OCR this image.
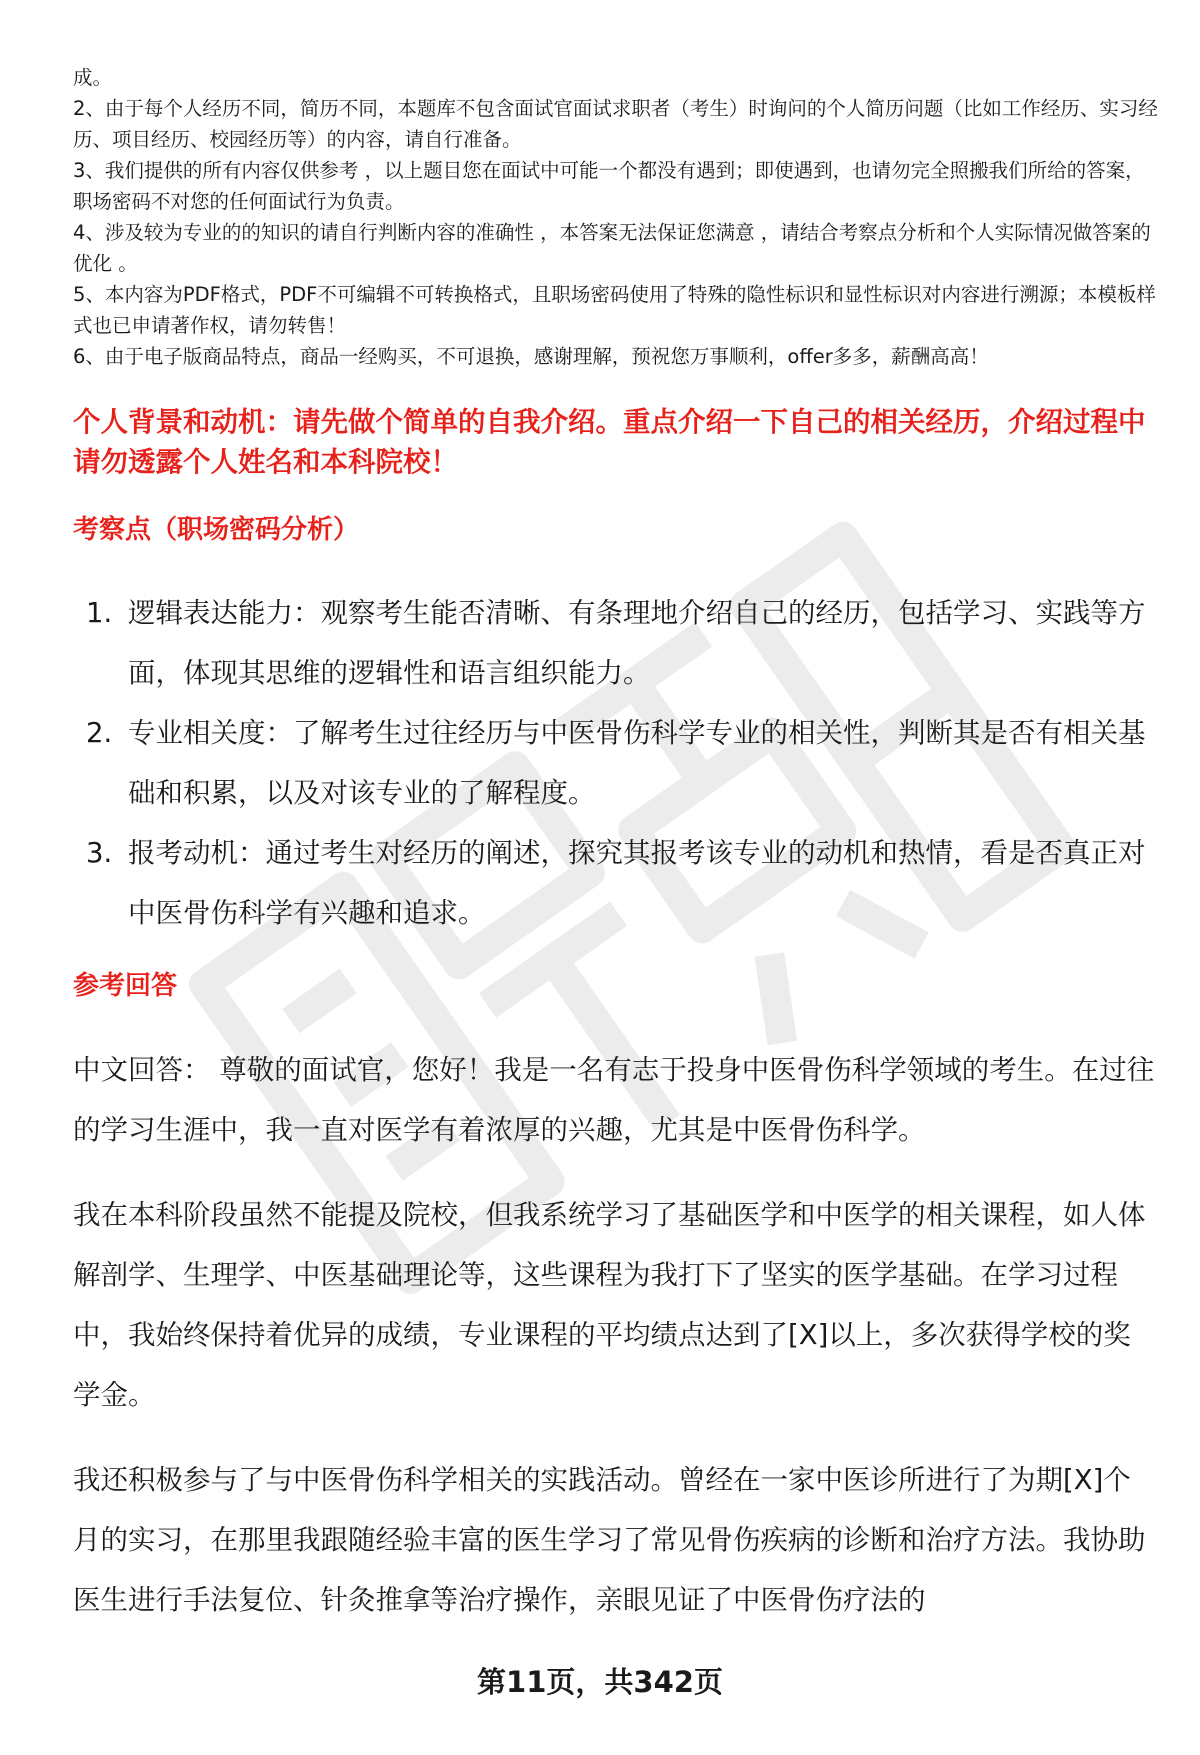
成。

2、由于每个人经历不同，简历不同，本题库不包含面试官面试求职者（考生）时询问的个人简历问题（比如工作经历、实习经历、项目经历、校园经历等）的内容，请自行准备。

3、我们提供的所有内容仅供参考 ，以上题目您在面试中可能一个都没有遇到；即使遇到，也请勿完全照搬我们所给的答案，职场密码不对您的任何面试行为负责。

4、涉及较为专业的的知识的请自行判断内容的准确性 ，本答案无法保证您满意 ，请结合考察点分析和个人实际情况做答案的优化 。

5、本内容为PDF格式，PDF不可编辑不可转换格式，且职场密码使用了特殊的隐性标识和显性标识对内容进行溯源；本模板样式也已申请著作权，请勿转售！

6、由于电子版商品特点，商品一经购买，不可退换，感谢理解，预祝您万事顺利，offer多多，薪酬高高！

个人背景和动机：请先做个简单的自我介绍。重点介绍一下自己的相关经历，介绍过程中请勿透露个人姓名和本科院校！
考察点（职场密码分析）
1. 逻辑表达能力：观察考生能否清晰、有条理地介绍自己的经历，包括学习、实践等方面，体现其思维的逻辑性和语言组织能力。
2. 专业相关度：了解考生过往经历与中医骨伤科学专业的相关性，判断其是否有相关基础和积累，以及对该专业的了解程度。
3. 报考动机：通过考生对经历的阐述，探究其报考该专业的动机和热情，看是否真正对中医骨伤科学有兴趣和追求。
参考回答

中文回答： 尊敬的面试官，您好！我是一名有志于投身中医骨伤科学领域的考生。在过往的学习生涯中，我一直对医学有着浓厚的兴趣，尤其是中医骨伤科学。

我在本科阶段虽然不能提及院校，但我系统学习了基础医学和中医学的相关课程，如人体解剖学、生理学、中医基础理论等，这些课程为我打下了坚实的医学基础。在学习过程中，我始终保持着优异的成绩，专业课程的平均绩点达到了[X]以上，多次获得学校的奖学金。

我还积极参与了与中医骨伤科学相关的实践活动。曾经在一家中医诊所进行了为期[X]个月的实习，在那里我跟随经验丰富的医生学习了常见骨伤疾病的诊断和治疗方法。我协助医生进行手法复位、针灸推拿等治疗操作，亲眼见证了中医骨伤疗法的

第11页，共342页
